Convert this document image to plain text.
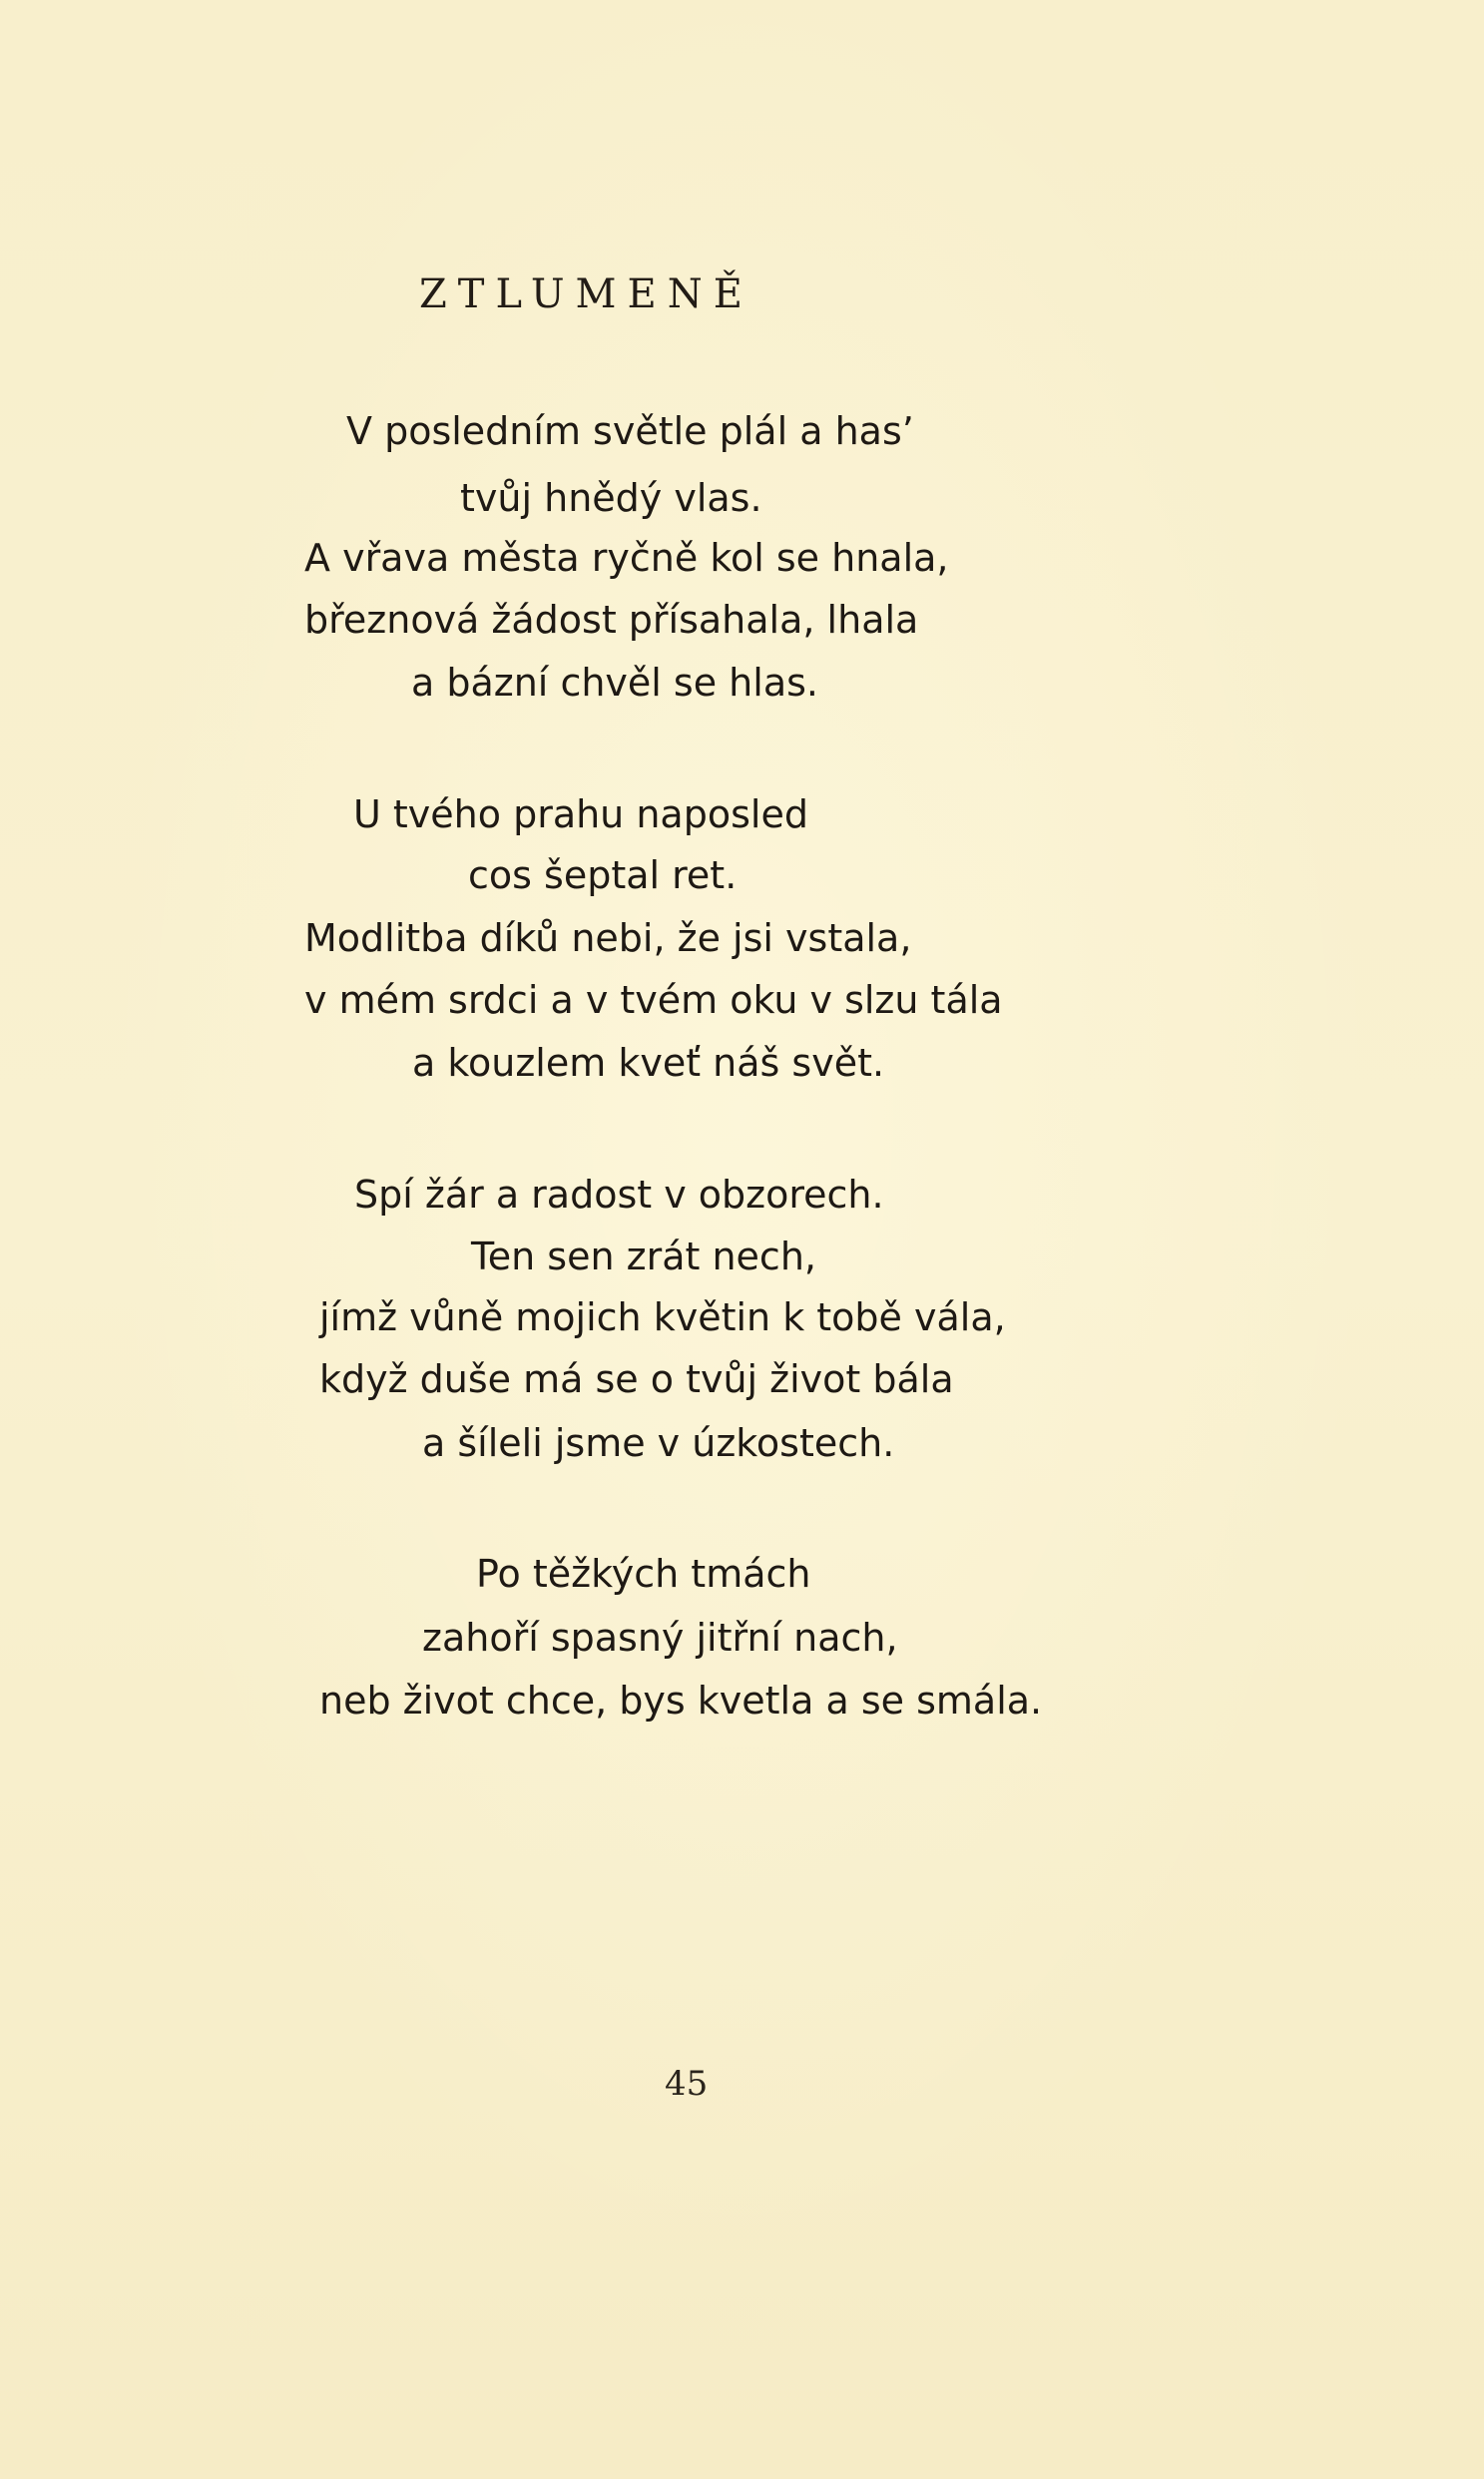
ZTLUMENĚ
V posledním světle plál a has’
tvůj hnědý vlas.
A vřava města ryčně kol se hnala,
březnová žádost přísahala, lhala
a bázní chvěl se hlas.
U tvého prahu naposled
cos šeptal ret.
Modlitba díků nebi, že jsi vstala,
v mém srdci a v tvém oku v slzu tála
a kouzlem kveť náš svět.
Spí žár a radost v obzorech.
Ten sen zrát nech,
jímž vůně mojich květin k tobě vála,
když duše má se o tvůj život bála
a šíleli jsme v úzkostech.
Po těžkých tmách
zahoří spasný jitřní nach,
neb život chce, bys kvetla a se smála.
45
